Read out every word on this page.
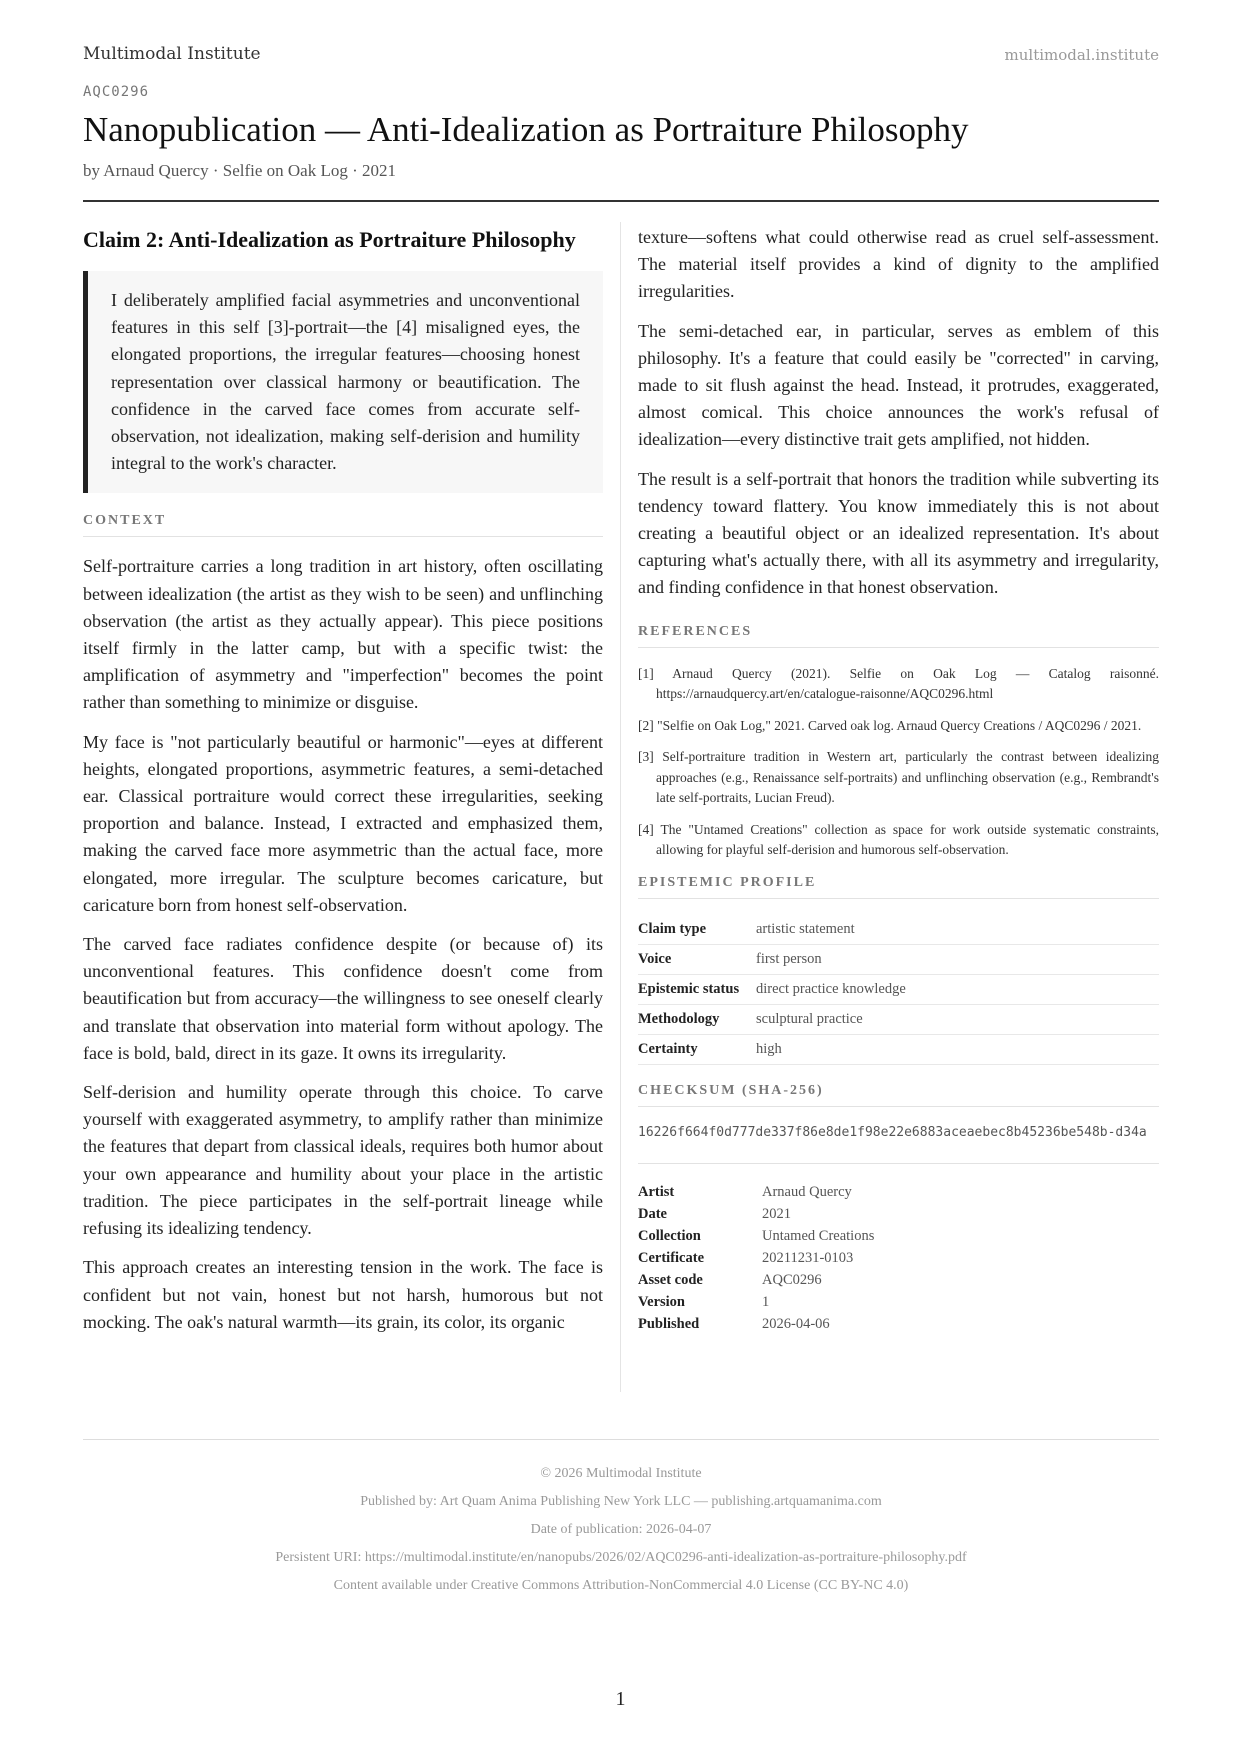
Multimodal Institute	multimodal.institute
AQC0296
Nanopublication — Anti-Idealization as Portraiture Philosophy
by Arnaud Quercy · Selfie on Oak Log · 2021
Claim 2: Anti-Idealization as Portraiture Philosophy
I deliberately amplified facial asymmetries and unconventional features in this self [3]-portrait—the [4] misaligned eyes, the elongated proportions, the irregular features—choosing honest representation over classical harmony or beautification. The confidence in the carved face comes from accurate self-observation, not idealization, making self-derision and humility integral to the work's character.
CONTEXT

Self-portraiture carries a long tradition in art history, often oscillating between idealization (the artist as they wish to be seen) and unflinching observation (the artist as they actually appear). This piece positions itself firmly in the latter camp, but with a specific twist: the amplification of asymmetry and "imperfection" becomes the point rather than something to minimize or disguise.

My face is "not particularly beautiful or harmonic"—eyes at different heights, elongated proportions, asymmetric features, a semi-detached ear. Classical portraiture would correct these irregularities, seeking proportion and balance. Instead, I extracted and emphasized them, making the carved face more asymmetric than the actual face, more elongated, more irregular. The sculpture becomes caricature, but caricature born from honest self-observation.

The carved face radiates confidence despite (or because of) its unconventional features. This confidence doesn't come from beautification but from accuracy—the willingness to see oneself clearly and translate that observation into material form without apology. The face is bold, bald, direct in its gaze. It owns its irregularity.

Self-derision and humility operate through this choice. To carve yourself with exaggerated asymmetry, to amplify rather than minimize the features that depart from classical ideals, requires both humor about your own appearance and humility about your place in the artistic tradition. The piece participates in the self-portrait lineage while refusing its idealizing tendency.

This approach creates an interesting tension in the work. The face is confident but not vain, honest but not harsh, humorous but not mocking. The oak's natural warmth—its grain, its color, its organic

texture—softens what could otherwise read as cruel self-assessment. The material itself provides a kind of dignity to the amplified irregularities.

The semi-detached ear, in particular, serves as emblem of this philosophy. It's a feature that could easily be "corrected" in carving, made to sit flush against the head. Instead, it protrudes, exaggerated, almost comical. This choice announces the work's refusal of idealization—every distinctive trait gets amplified, not hidden.

The result is a self-portrait that honors the tradition while subverting its tendency toward flattery. You know immediately this is not about creating a beautiful object or an idealized representation. It's about capturing what's actually there, with all its asymmetry and irregularity, and finding confidence in that honest observation.

REFERENCES
[1] Arnaud Quercy (2021). Selfie on Oak Log — Catalog raisonné. https://arnaudquercy.art/en/catalogue-raisonne/AQC0296.html
[2] "Selfie on Oak Log," 2021. Carved oak log. Arnaud Quercy Creations / AQC0296 / 2021.
[3] Self-portraiture tradition in Western art, particularly the contrast between idealizing approaches (e.g., Renaissance self-portraits) and unflinching observation (e.g., Rembrandt's late self-portraits, Lucian Freud).
[4] The "Untamed Creations" collection as space for work outside systematic constraints, allowing for playful self-derision and humorous self-observation.
EPISTEMIC PROFILE
Claim type	artistic statement
Voice	first person
Epistemic status	direct practice knowledge
Methodology	sculptural practice
Certainty	high
CHECKSUM (SHA-256)
16226f664f0d777de337f86e8de1f98e22e6883aceaebec8b45236be548b-d34a
Artist	Arnaud Quercy
Date	2021
Collection	Untamed Creations
Certificate	20211231-0103
Asset code	AQC0296
Version	1
Published	2026-04-06
© 2026 Multimodal Institute
Published by: Art Quam Anima Publishing New York LLC — publishing.artquamanima.com
Date of publication: 2026-04-07
Persistent URI: https://multimodal.institute/en/nanopubs/2026/02/AQC0296-anti-idealization-as-portraiture-philosophy.pdf
Content available under Creative Commons Attribution-NonCommercial 4.0 License (CC BY-NC 4.0)
1
